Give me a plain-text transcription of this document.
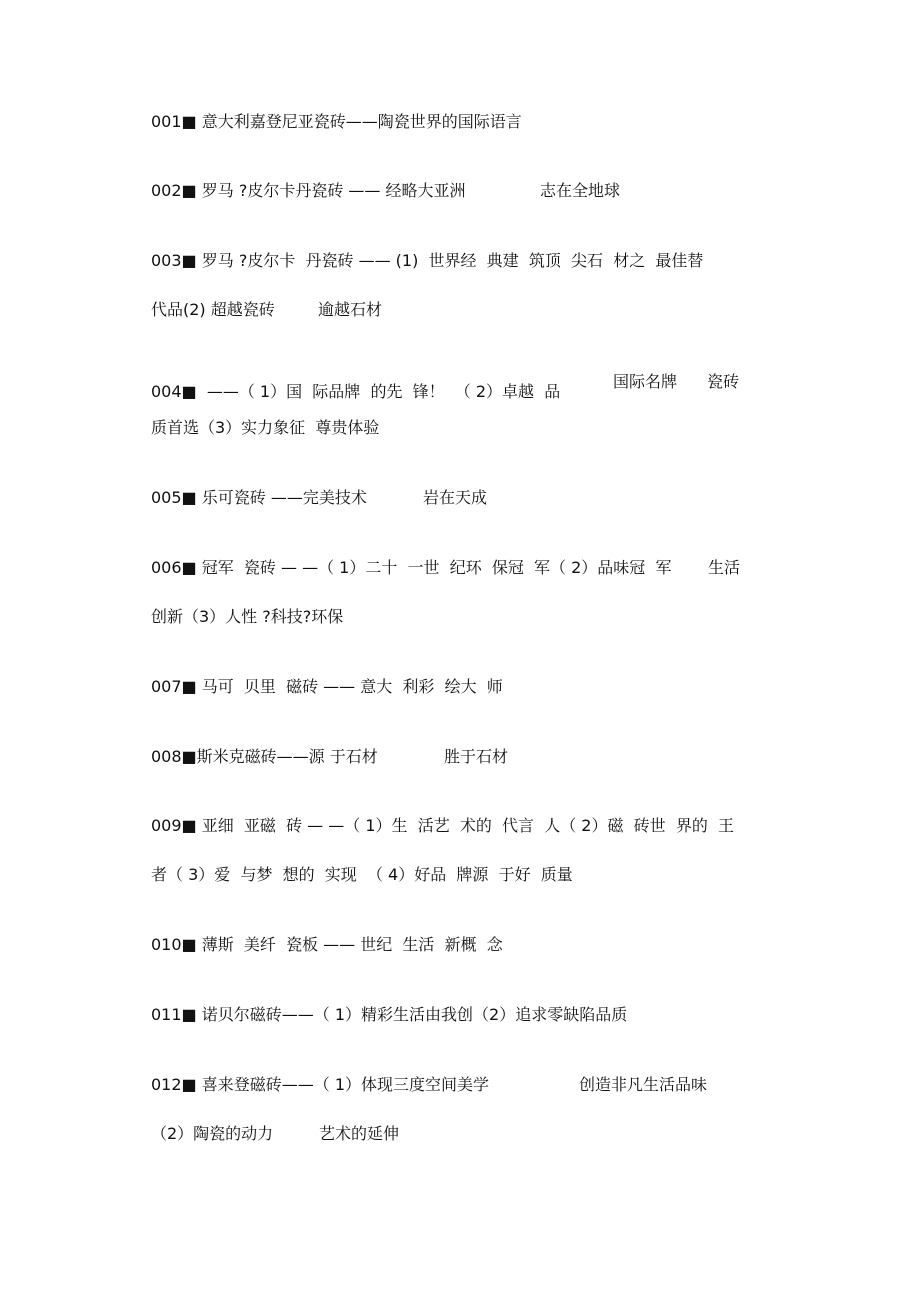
001■ 意大利嘉登尼亚瓷砖——陶瓷世界的国际语言
002■ 罗马 ?皮尔卡丹瓷砖 —— 经略大亚洲	志在全地球
003■ 罗马 ?皮尔卡  丹瓷砖 —— (1)  世界经  典建  筑顶  尖石  材之  最佳替
代品(2) 超越瓷砖	逾越石材
国际名牌 瓷砖
004■  ——（ 1）国  际品牌  的先  锋！  （ 2）卓越  品
质首选（3）实力象征  尊贵体验
005■ 乐可瓷砖 ——完美技术	岩在天成
006■ 冠军  瓷砖 — —（ 1）二十  一世  纪环  保冠  军（ 2）品味冠  军 生活
创新（3）人性 ?科技?环保
007■ 马可  贝里  磁砖 —— 意大  利彩  绘大  师
008■斯米克磁砖——源 于石材	胜于石材
009■ 亚细  亚磁  砖 — —（ 1）生  活艺  术的  代言  人（ 2）磁  砖世  界的  王
者（ 3）爱  与梦  想的  实现  （ 4）好品  牌源  于好  质量
010■ 薄斯  美纤  瓷板 —— 世纪  生活  新概  念
011■ 诺贝尔磁砖——（ 1）精彩生活由我创（2）追求零缺陷品质
012■ 喜来登磁砖——（ 1）体现三度空间美学	创造非凡生活品味
（2）陶瓷的动力	艺术的延伸
